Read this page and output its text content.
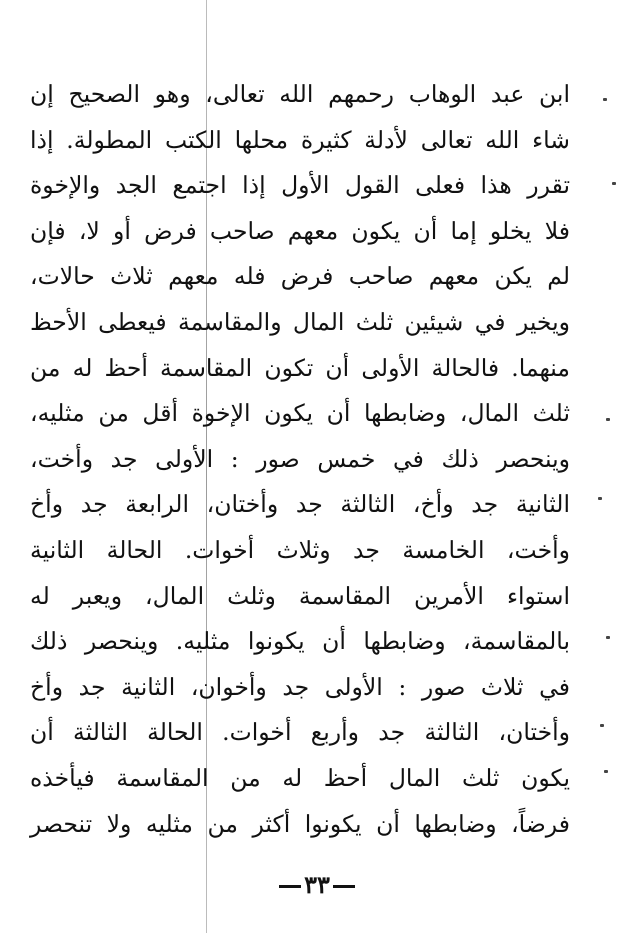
ابن عبد الوهاب رحمهم الله تعالى، وهو الصحيح إن
شاء الله تعالى لأدلة كثيرة محلها الكتب المطولة. إذا
تقرر هذا فعلى القول الأول إذا اجتمع الجد والإخوة
فلا يخلو إما أن يكون معهم صاحب فرض أو لا، فإن
لم يكن معهم صاحب فرض فله معهم ثلاث حالات،
ويخير في شيئين ثلث المال والمقاسمة فيعطى الأحظ
منهما. فالحالة الأولى أن تكون المقاسمة أحظ له من
ثلث المال، وضابطها أن يكون الإخوة أقل من مثليه،
وينحصر ذلك في خمس صور : الأولى جد وأخت،
الثانية جد وأخ، الثالثة جد وأختان، الرابعة جد وأخ
وأخت، الخامسة جد وثلاث أخوات. الحالة الثانية
استواء الأمرين المقاسمة وثلث المال، ويعبر له
بالمقاسمة، وضابطها أن يكونوا مثليه. وينحصر ذلك
في ثلاث صور : الأولى جد وأخوان، الثانية جد وأخ
وأختان، الثالثة جد وأربع أخوات. الحالة الثالثة أن
يكون ثلث المال أحظ له من المقاسمة فيأخذه
فرضاً، وضابطها أن يكونوا أكثر من مثليه ولا تنحصر
٣٣
